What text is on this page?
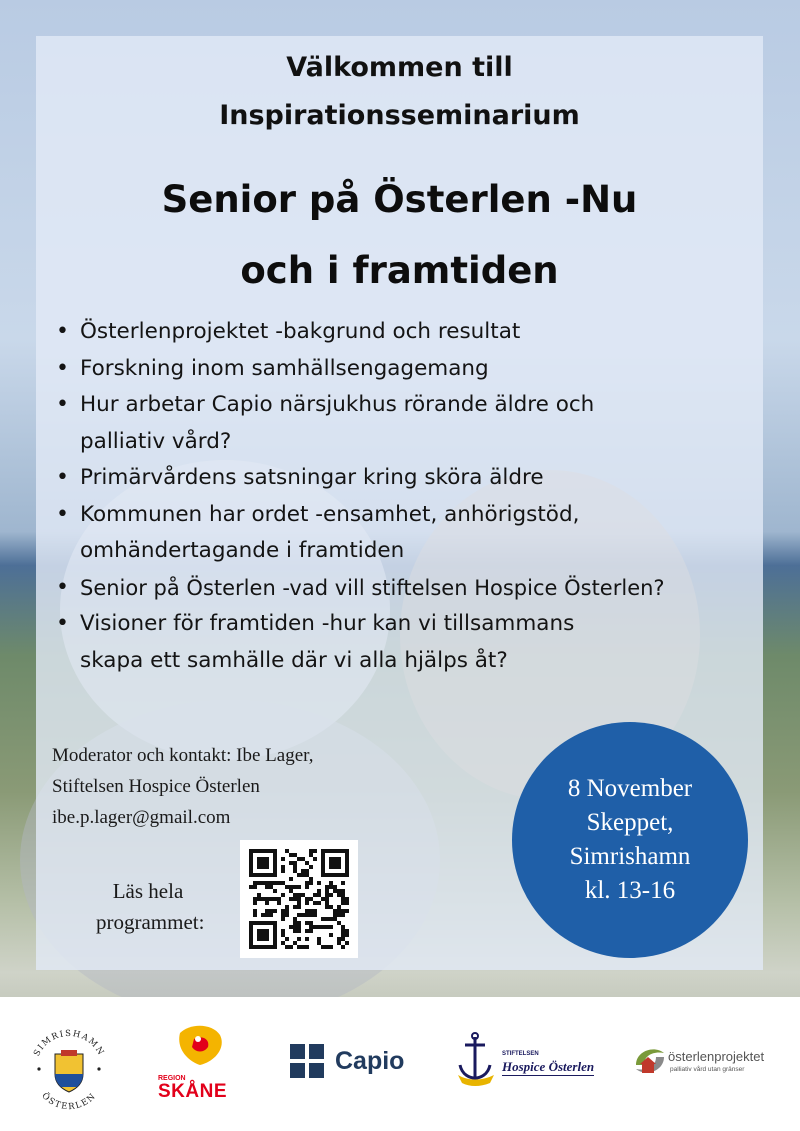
Välkommen till
Inspirationsseminarium
Senior på Österlen -Nu
och i framtiden
• Österlenprojektet -bakgrund och resultat
• Forskning inom samhällsengagemang
• Hur arbetar Capio närsjukhus rörande äldre och
palliativ vård?
• Primärvårdens satsningar kring sköra äldre
• Kommunen har ordet -ensamhet, anhörigstöd,
omhändertagande i framtiden
• Senior på Österlen -vad vill stiftelsen Hospice Österlen?
• Visioner för framtiden -hur kan vi tillsammans
skapa ett samhälle där vi alla hjälps åt?
Moderator och kontakt: Ibe Lager,
Stiftelsen Hospice Österlen
ibe.p.lager@gmail.com
Läs hela
programmet:
8 November
Skeppet,
Simrishamn
kl. 13-16
SIMRISHAMN
ÖSTERLEN
REGION
SKÅNE
Capio	STIFTELSEN
Hospice Österlen
österlenprojektet
palliativ vård utan gränser
